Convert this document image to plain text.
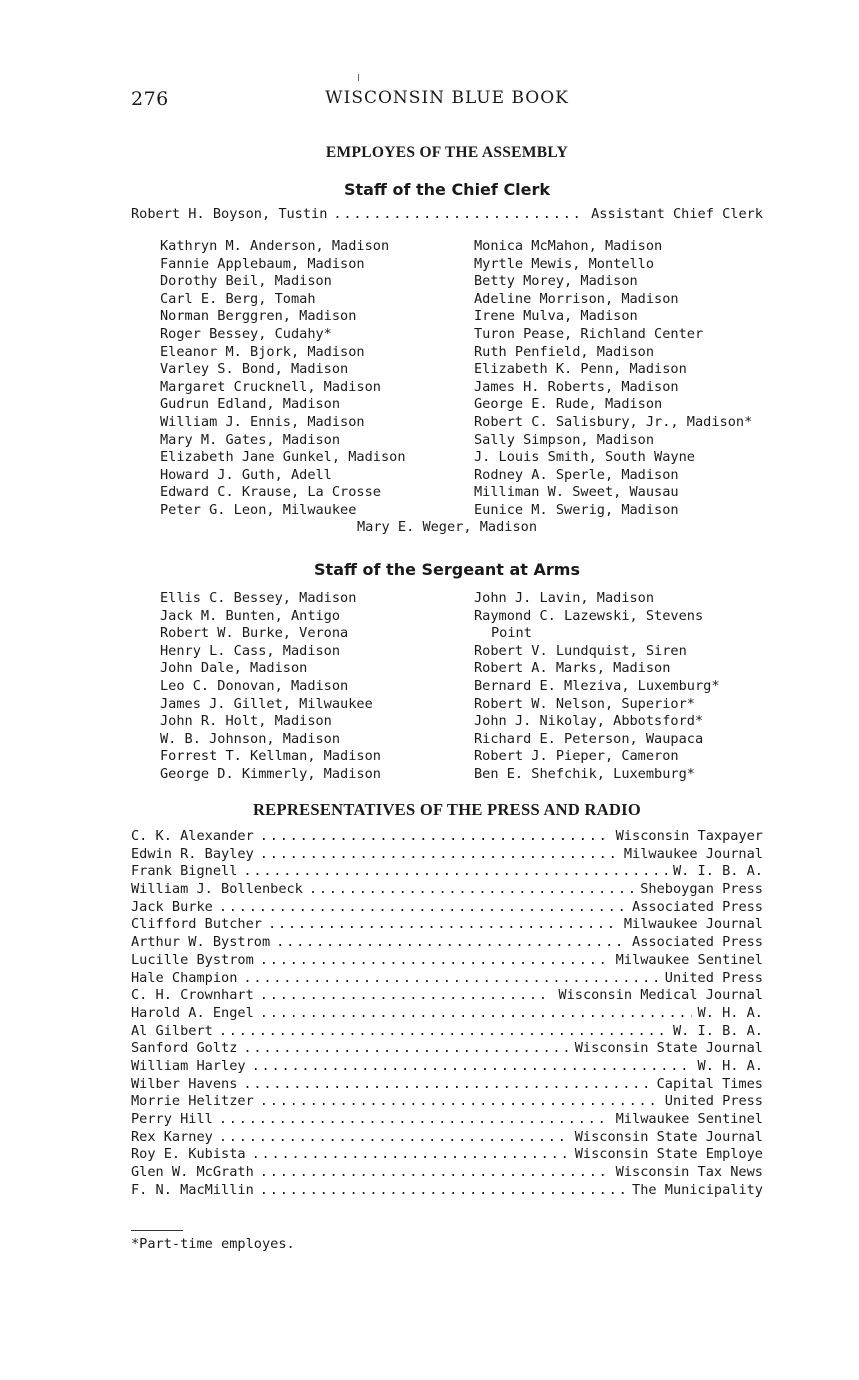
276	WISCONSIN BLUE BOOK
EMPLOYES OF THE ASSEMBLY
Staff of the Chief Clerk
Robert H. Boyson, Tustin . . .	Assistant Chief Clerk
Kathryn M. Anderson, Madison
Fannie Applebaum, Madison
Dorothy Beil, Madison
Carl E. Berg, Tomah
Norman Berggren, Madison
Roger Bessey, Cudahy*
Eleanor M. Bjork, Madison
Varley S. Bond, Madison
Margaret Crucknell, Madison
Gudrun Edland, Madison
William J. Ennis, Madison
Mary M. Gates, Madison
Elizabeth Jane Gunkel, Madison
Howard J. Guth, Adell
Edward C. Krause, La Crosse
Peter G. Leon, Milwaukee
Monica McMahon, Madison
Myrtle Mewis, Montello
Betty Morey, Madison
Adeline Morrison, Madison
Irene Mulva, Madison
Turon Pease, Richland Center
Ruth Penfield, Madison
Elizabeth K. Penn, Madison
James H. Roberts, Madison
George E. Rude, Madison
Robert C. Salisbury, Jr., Madison*
Sally Simpson, Madison
J. Louis Smith, South Wayne
Rodney A. Sperle, Madison
Milliman W. Sweet, Wausau
Eunice M. Swerig, Madison
Mary E. Weger, Madison
Staff of the Sergeant at Arms
Ellis C. Bessey, Madison
Jack M. Bunten, Antigo
Robert W. Burke, Verona
Henry L. Cass, Madison
John Dale, Madison
Leo C. Donovan, Madison
James J. Gillet, Milwaukee
John R. Holt, Madison
W. B. Johnson, Madison
Forrest T. Kellman, Madison
George D. Kimmerly, Madison
John J. Lavin, Madison
Raymond C. Lazewski, Stevens
Point
Robert V. Lundquist, Siren
Robert A. Marks, Madison
Bernard E. Mleziva, Luxemburg*
Robert W. Nelson, Superior*
John J. Nikolay, Abbotsford*
Richard E. Peterson, Waupaca
Robert J. Pieper, Cameron
Ben E. Shefchik, Luxemburg*
REPRESENTATIVES OF THE PRESS AND RADIO
C. K. Alexander . . .	Wisconsin Taxpayer
Edwin R. Bayley . . .	Milwaukee Journal
Frank Bignell . . .	W. I. B. A.
William J. Bollenbeck . . .	Sheboygan Press
Jack Burke . . .	Associated Press
Clifford Butcher . . .	Milwaukee Journal
Arthur W. Bystrom . . .	Associated Press
Lucille Bystrom . . .	Milwaukee Sentinel
Hale Champion . . .	United Press
C. H. Crownhart . . .	Wisconsin Medical Journal
Harold A. Engel . . .	W. H. A.
Al Gilbert . . .	W. I. B. A.
Sanford Goltz . . .	Wisconsin State Journal
William Harley . . .	W. H. A.
Wilber Havens . . .	Capital Times
Morrie Helitzer . . .	United Press
Perry Hill . . .	Milwaukee Sentinel
Rex Karney . . .	Wisconsin State Journal
Roy E. Kubista . . .	Wisconsin State Employe
Glen W. McGrath . . .	Wisconsin Tax News
F. N. MacMillin . . .	The Municipality
*Part-time employes.
